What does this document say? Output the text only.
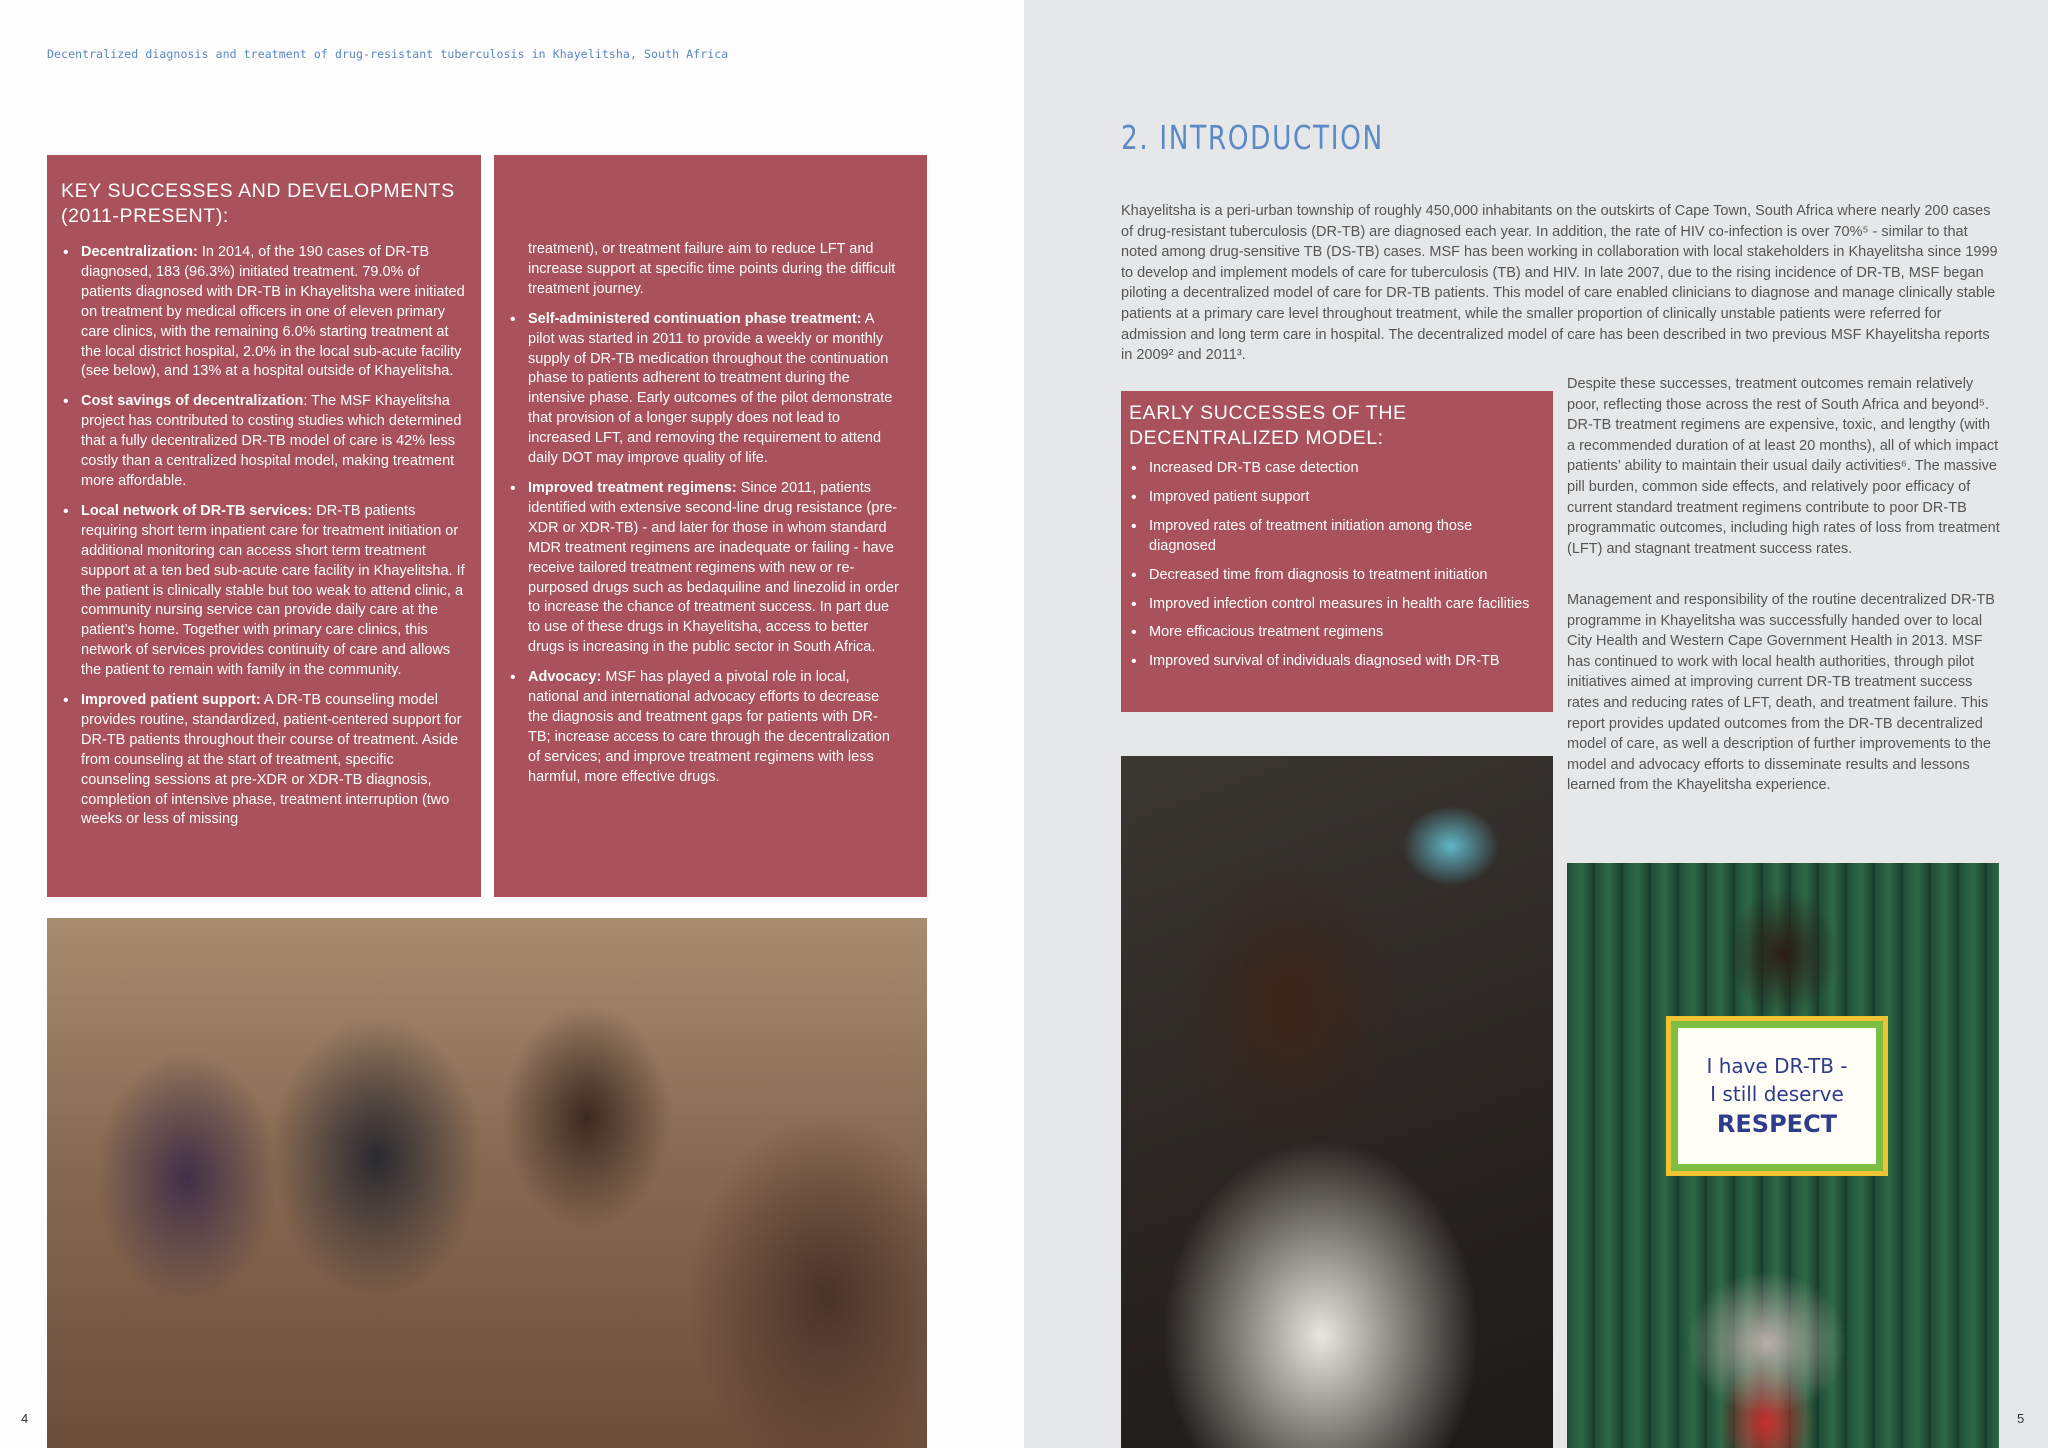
Decentralized diagnosis and treatment of drug-resistant tuberculosis in Khayelitsha, South Africa
KEY SUCCESSES AND DEVELOPMENTS (2011-PRESENT):
• Decentralization: In 2014, of the 190 cases of DR-TB diagnosed, 183 (96.3%) initiated treatment. 79.0% of patients diagnosed with DR-TB in Khayelitsha were initiated on treatment by medical officers in one of eleven primary care clinics, with the remaining 6.0% starting treatment at the local district hospital, 2.0% in the local sub-acute facility (see below), and 13% at a hospital outside of Khayelitsha.
• Cost savings of decentralization: The MSF Khayelitsha project has contributed to costing studies which determined that a fully decentralized DR-TB model of care is 42% less costly than a centralized hospital model, making treatment more affordable.
• Local network of DR-TB services: DR-TB patients requiring short term inpatient care for treatment initiation or additional monitoring can access short term treatment support at a ten bed sub-acute care facility in Khayelitsha. If the patient is clinically stable but too weak to attend clinic, a community nursing service can provide daily care at the patient’s home. Together with primary care clinics, this network of services provides continuity of care and allows the patient to remain with family in the community.
• Improved patient support: A DR-TB counseling model provides routine, standardized, patient-centered support for DR-TB patients throughout their course of treatment. Aside from counseling at the start of treatment, specific counseling sessions at pre-XDR or XDR-TB diagnosis, completion of intensive phase, treatment interruption (two weeks or less of missing

treatment), or treatment failure aim to reduce LFT and increase support at specific time points during the difficult treatment journey.

• Self-administered continuation phase treatment: A pilot was started in 2011 to provide a weekly or monthly supply of DR-TB medication throughout the continuation phase to patients adherent to treatment during the intensive phase. Early outcomes of the pilot demonstrate that provision of a longer supply does not lead to increased LFT, and removing the requirement to attend daily DOT may improve quality of life.
• Improved treatment regimens: Since 2011, patients identified with extensive second-line drug resistance (pre-XDR or XDR-TB) - and later for those in whom standard MDR treatment regimens are inadequate or failing - have receive tailored treatment regimens with new or re-purposed drugs such as bedaquiline and linezolid in order to increase the chance of treatment success. In part due to use of these drugs in Khayelitsha, access to better drugs is increasing in the public sector in South Africa.
• Advocacy: MSF has played a pivotal role in local, national and international advocacy efforts to decrease the diagnosis and treatment gaps for patients with DR-TB; increase access to care through the decentralization of services; and improve treatment regimens with less harmful, more effective drugs.
2. INTRODUCTION

Khayelitsha is a peri-urban township of roughly 450,000 inhabitants on the outskirts of Cape Town, South Africa where nearly 200 cases of drug-resistant tuberculosis (DR-TB) are diagnosed each year. In addition, the rate of HIV co-infection is over 70%⁵ - similar to that noted among drug-sensitive TB (DS-TB) cases. MSF has been working in collaboration with local stakeholders in Khayelitsha since 1999 to develop and implement models of care for tuberculosis (TB) and HIV. In late 2007, due to the rising incidence of DR-TB, MSF began piloting a decentralized model of care for DR-TB patients. This model of care enabled clinicians to diagnose and manage clinically stable patients at a primary care level throughout treatment, while the smaller proportion of clinically unstable patients were referred for admission and long term care in hospital. The decentralized model of care has been described in two previous MSF Khayelitsha reports in 2009² and 2011³.

EARLY SUCCESSES OF THE DECENTRALIZED MODEL:
• Increased DR-TB case detection
• Improved patient support
• Improved rates of treatment initiation among those diagnosed
• Decreased time from diagnosis to treatment initiation
• Improved infection control measures in health care facilities
• More efficacious treatment regimens
• Improved survival of individuals diagnosed with DR-TB

Despite these successes, treatment outcomes remain relatively poor, reflecting those across the rest of South Africa and beyond⁵. DR-TB treatment regimens are expensive, toxic, and lengthy (with a recommended duration of at least 20 months), all of which impact patients’ ability to maintain their usual daily activities⁶. The massive pill burden, common side effects, and relatively poor efficacy of current standard treatment regimens contribute to poor DR-TB programmatic outcomes, including high rates of loss from treatment (LFT) and stagnant treatment success rates.

Management and responsibility of the routine decentralized DR-TB programme in Khayelitsha was successfully handed over to local City Health and Western Cape Government Health in 2013. MSF has continued to work with local health authorities, through pilot initiatives aimed at improving current DR-TB treatment success rates and reducing rates of LFT, death, and treatment failure. This report provides updated outcomes from the DR-TB decentralized model of care, as well a description of further improvements to the model and advocacy efforts to disseminate results and lessons learned from the Khayelitsha experience.

I have DR-TB -
I still deserve
RESPECT
4	5
